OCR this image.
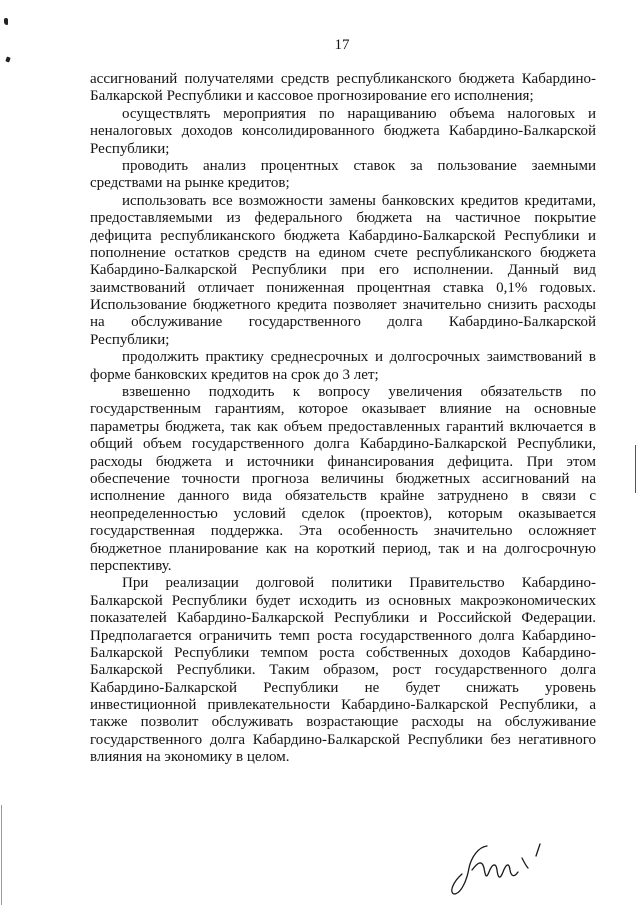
17
ассигнований получателями средств республиканского бюджета Кабардино-
Балкарской Республики и кассовое прогнозирование его исполнения;
осуществлять мероприятия по наращиванию объема налоговых и
неналоговых доходов консолидированного бюджета Кабардино-Балкарской
Республики;
проводить анализ процентных ставок за пользование заемными
средствами на рынке кредитов;
использовать все возможности замены банковских кредитов кредитами,
предоставляемыми из федерального бюджета на частичное покрытие
дефицита республиканского бюджета Кабардино-Балкарской Республики и
пополнение остатков средств на едином счете республиканского бюджета
Кабардино-Балкарской Республики при его исполнении. Данный вид
заимствований отличает пониженная процентная ставка 0,1% годовых.
Использование бюджетного кредита позволяет значительно снизить расходы
на обслуживание государственного долга Кабардино-Балкарской
Республики;
продолжить практику среднесрочных и долгосрочных заимствований в
форме банковских кредитов на срок до 3 лет;
взвешенно подходить к вопросу увеличения обязательств по
государственным гарантиям, которое оказывает влияние на основные
параметры бюджета, так как объем предоставленных гарантий включается в
общий объем государственного долга Кабардино-Балкарской Республики,
расходы бюджета и источники финансирования дефицита. При этом
обеспечение точности прогноза величины бюджетных ассигнований на
исполнение данного вида обязательств крайне затруднено в связи с
неопределенностью условий сделок (проектов), которым оказывается
государственная поддержка. Эта особенность значительно осложняет
бюджетное планирование как на короткий период, так и на долгосрочную
перспективу.
При реализации долговой политики Правительство Кабардино-
Балкарской Республики будет исходить из основных макроэкономических
показателей Кабардино-Балкарской Республики и Российской Федерации.
Предполагается ограничить темп роста государственного долга Кабардино-
Балкарской Республики темпом роста собственных доходов Кабардино-
Балкарской Республики. Таким образом, рост государственного долга
Кабардино-Балкарской Республики не будет снижать уровень
инвестиционной привлекательности Кабардино-Балкарской Республики, а
также позволит обслуживать возрастающие расходы на обслуживание
государственного долга Кабардино-Балкарской Республики без негативного
влияния на экономику в целом.
